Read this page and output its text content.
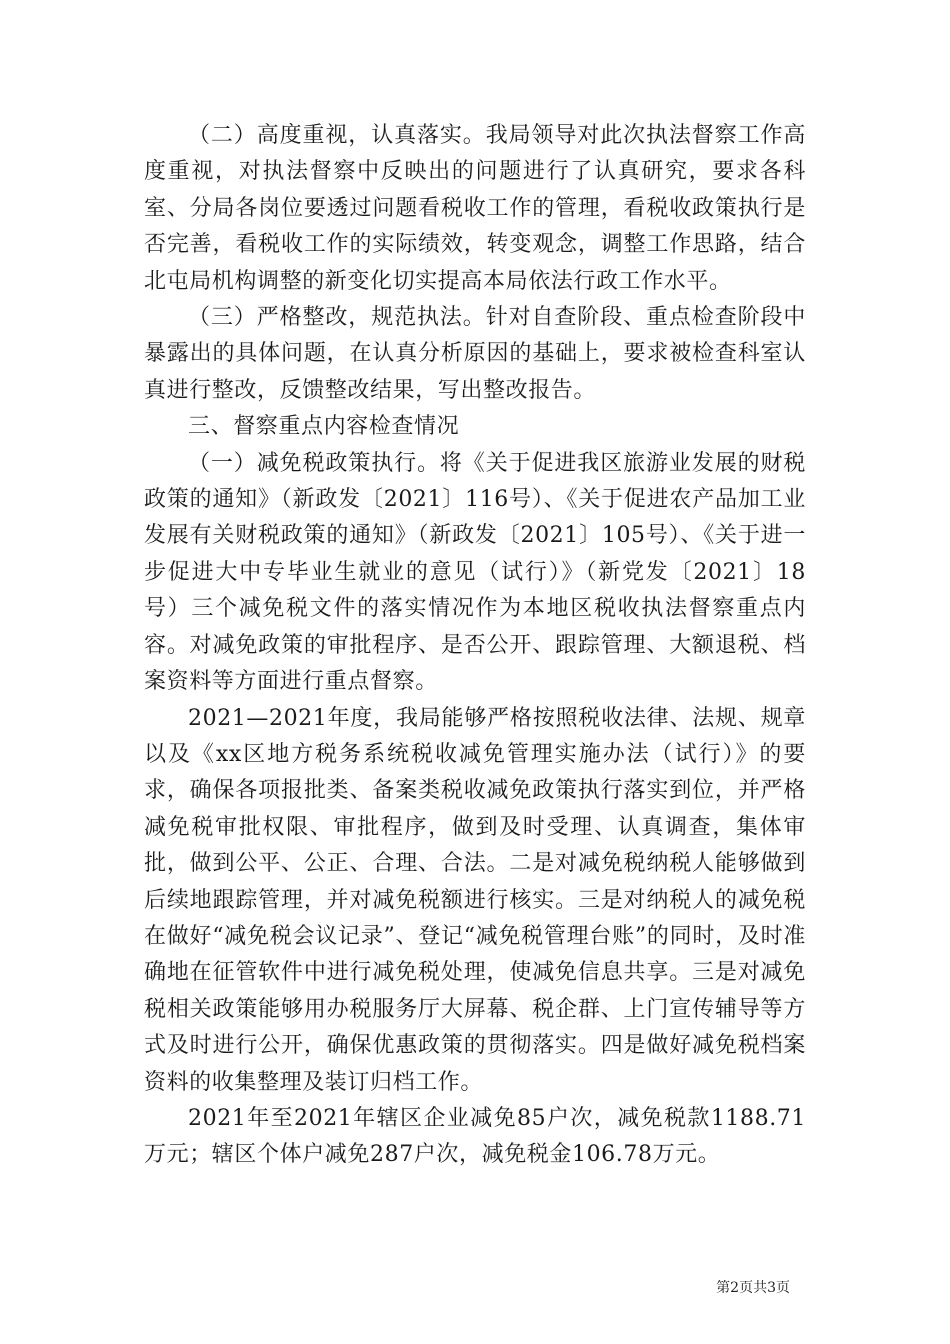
（二）高度重视，认真落实。我局领导对此次执法督察工作高度重视，对执法督察中反映出的问题进行了认真研究，要求各科室、分局各岗位要透过问题看税收工作的管理，看税收政策执行是否完善，看税收工作的实际绩效，转变观念，调整工作思路，结合北屯局机构调整的新变化切实提高本局依法行政工作水平。

（三）严格整改，规范执法。针对自查阶段、重点检查阶段中暴露出的具体问题，在认真分析原因的基础上，要求被检查科室认真进行整改，反馈整改结果，写出整改报告。

三、督察重点内容检查情况

（一）减免税政策执行。将《关于促进我区旅游业发展的财税政策的通知》（新政发〔2021〕116号）、《关于促进农产品加工业发展有关财税政策的通知》（新政发〔2021〕105号）、《关于进一步促进大中专毕业生就业的意见（试行）》（新党发〔2021〕18号）三个减免税文件的落实情况作为本地区税收执法督察重点内容。对减免政策的审批程序、是否公开、跟踪管理、大额退税、档案资料等方面进行重点督察。

2021—2021年度，我局能够严格按照税收法律、法规、规章以及《xx区地方税务系统税收减免管理实施办法（试行）》的要求，确保各项报批类、备案类税收减免政策执行落实到位，并严格减免税审批权限、审批程序，做到及时受理、认真调查，集体审批，做到公平、公正、合理、合法。二是对减免税纳税人能够做到后续地跟踪管理，并对减免税额进行核实。三是对纳税人的减免税在做好“减免税会议记录”、登记“减免税管理台账”的同时，及时准确地在征管软件中进行减免税处理，使减免信息共享。三是对减免税相关政策能够用办税服务厅大屏幕、税企群、上门宣传辅导等方式及时进行公开，确保优惠政策的贯彻落实。四是做好减免税档案资料的收集整理及装订归档工作。

2021年至2021年辖区企业减免85户次，减免税款1188.71万元；辖区个体户减免287户次，减免税金106.78万元。

第2页共3页
